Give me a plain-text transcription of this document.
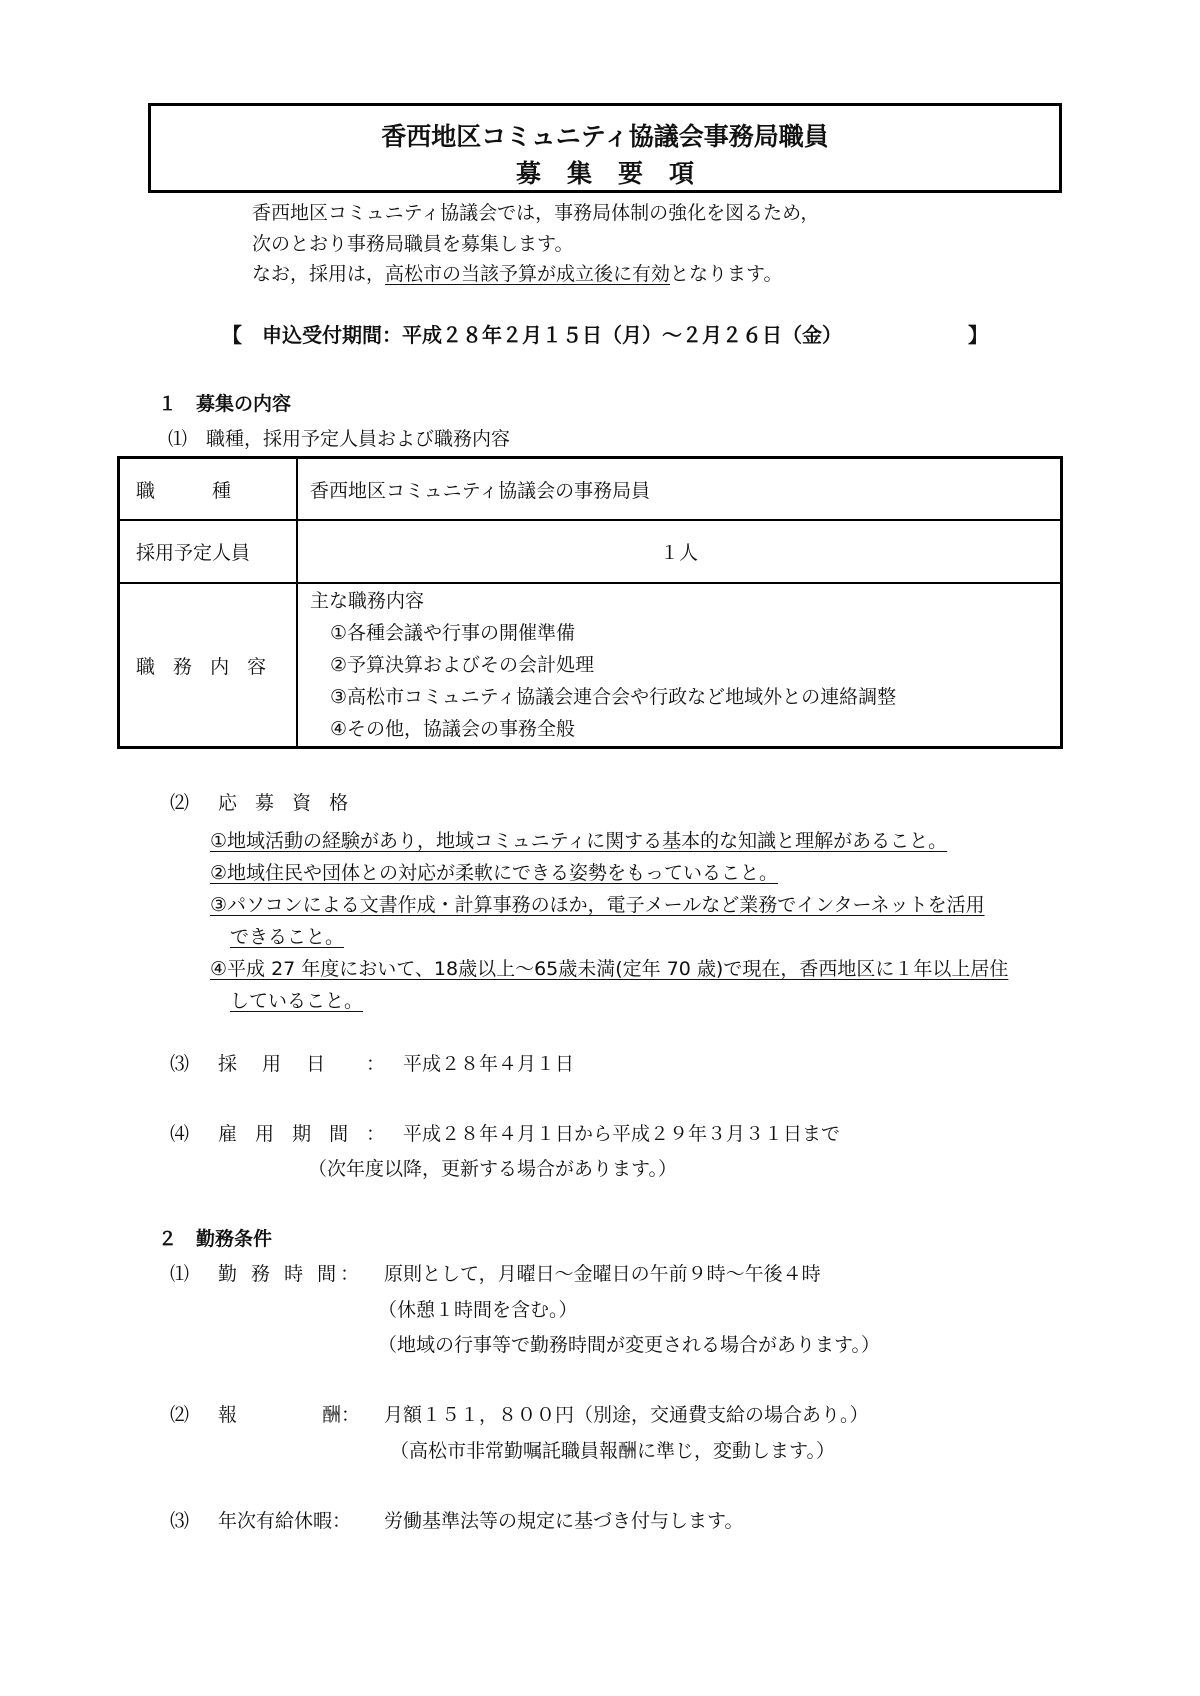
香西地区コミュニティ協議会事務局職員
募集要項
香西地区コミュニティ協議会では，事務局体制の強化を図るため，
次のとおり事務局職員を募集します。
なお，採用は，高松市の当該予算が成立後に有効となります。
【 申込受付期間：平成２８年２月１５日（月）～２月２６日（金）	】
１　募集の内容
⑴　職種，採用予定人員および職務内容
職　　　種	香西地区コミュニティ協議会の事務局員
採用予定人員	１人
職 務 内 容	主な職務内容
①各種会議や行事の開催準備
②予算決算およびその会計処理
③高松市コミュニティ協議会連合会や行政など地域外との連絡調整
④その他，協議会の事務全般
⑵ 応 募 資 格
①地域活動の経験があり，地域コミュニティに関する基本的な知識と理解があること。
②地域住民や団体との対応が柔軟にできる姿勢をもっていること。
③パソコンによる文書作成・計算事務のほか，電子メールなど業務でインターネットを活用
できること。
④平成 27 年度において、18歳以上～65歳未満(定年 70 歳)で現在，香西地区に１年以上居住
していること。
⑶ 採　 用　 日 ： 平成２８年４月１日
⑷ 雇 用 期 間 ： 平成２８年４月１日から平成２９年３月３１日まで
（次年度以降，更新する場合があります。）
２　勤務条件
⑴ 勤 務 時 間： 原則として，月曜日～金曜日の午前９時～午後４時
（休憩１時間を含む。）
（地域の行事等で勤務時間が変更される場合があります。）
⑵ 報	酬： 月額１５１，８００円（別途，交通費支給の場合あり。）
（高松市非常勤嘱託職員報酬に準じ，変動します。）
⑶ 年次有給休暇： 労働基準法等の規定に基づき付与します。
